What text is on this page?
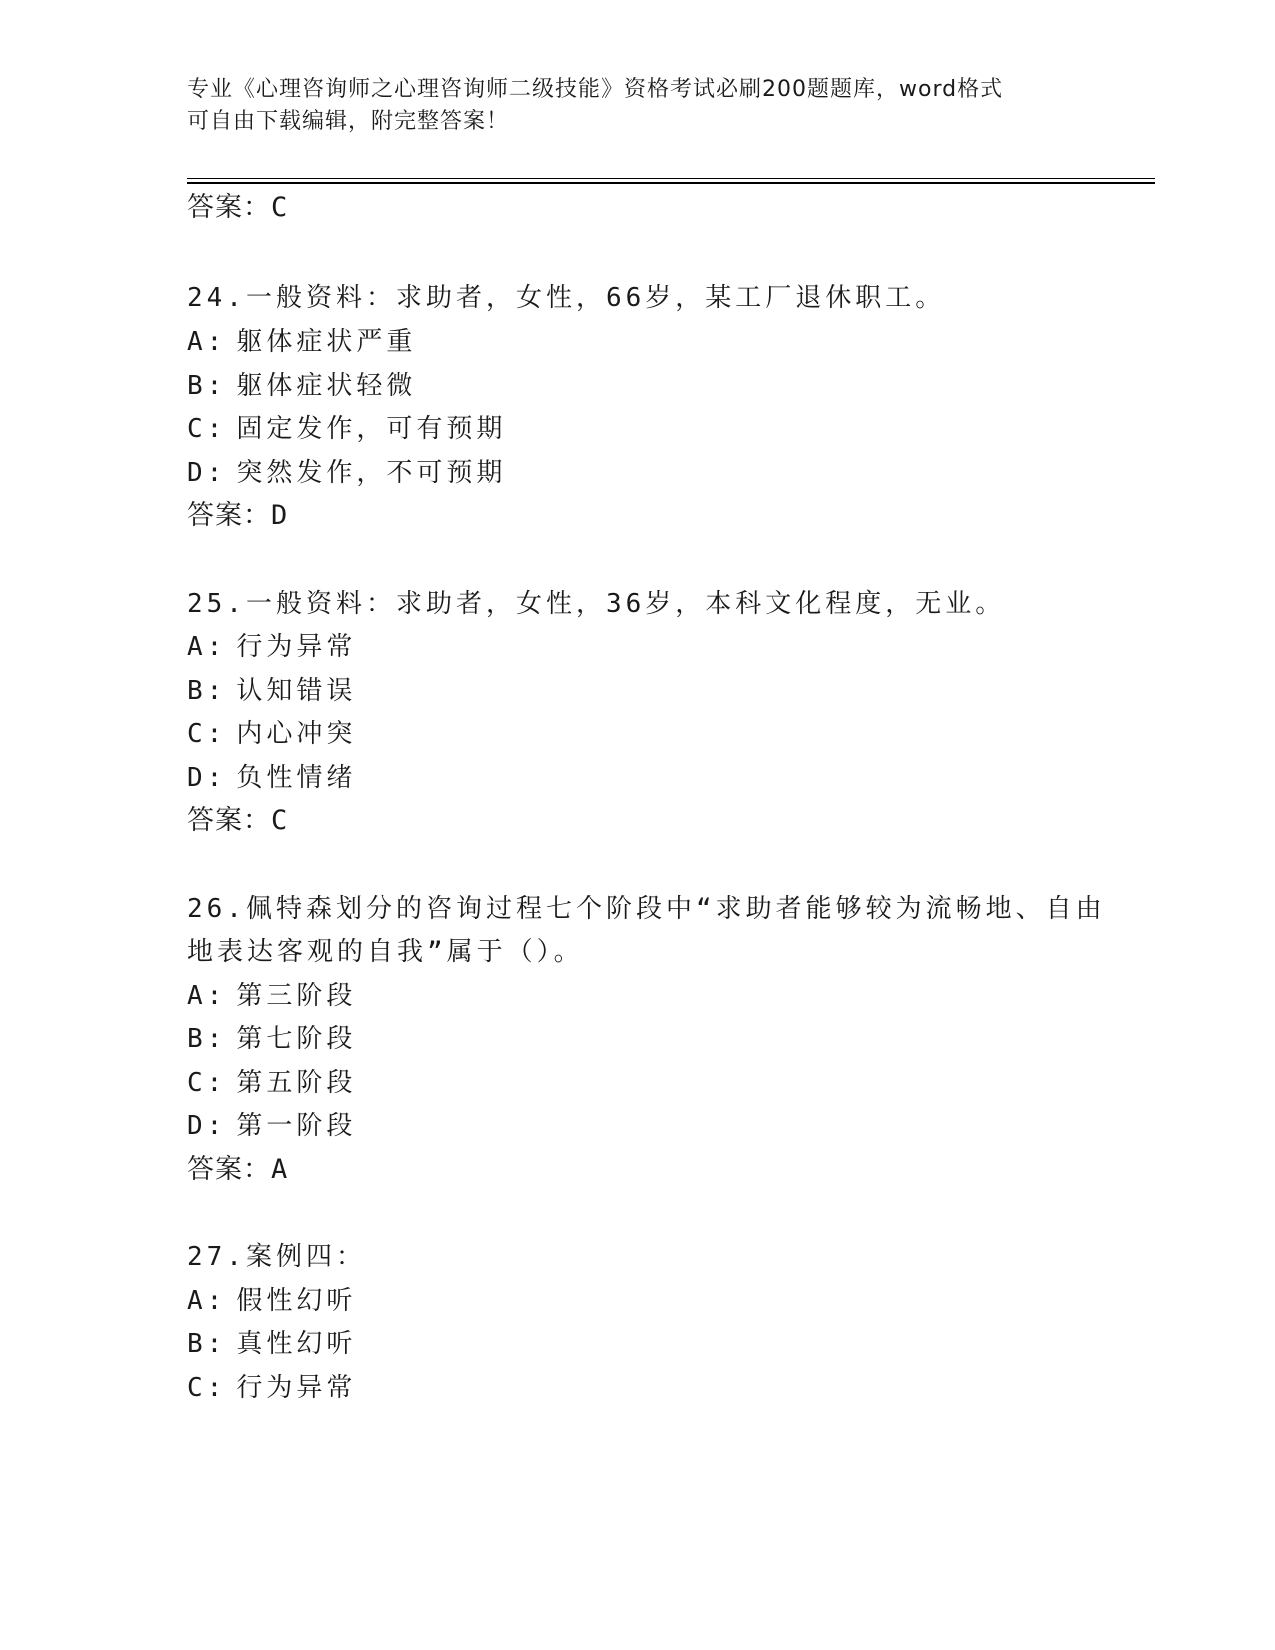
专业《心理咨询师之心理咨询师二级技能》资格考试必刷200题题库，word格式
可自由下载编辑，附完整答案！
答案：C
24.一般资料：求助者，女性，66岁，某工厂退休职工。
A: 躯体症状严重
B: 躯体症状轻微
C: 固定发作，可有预期
D: 突然发作，不可预期
答案：D
25.一般资料：求助者，女性，36岁，本科文化程度，无业。
A: 行为异常
B: 认知错误
C: 内心冲突
D: 负性情绪
答案：C
26.佩特森划分的咨询过程七个阶段中“求助者能够较为流畅地、自由
地表达客观的自我”属于（）。
A: 第三阶段
B: 第七阶段
C: 第五阶段
D: 第一阶段
答案：A
27.案例四：
A: 假性幻听
B: 真性幻听
C: 行为异常
